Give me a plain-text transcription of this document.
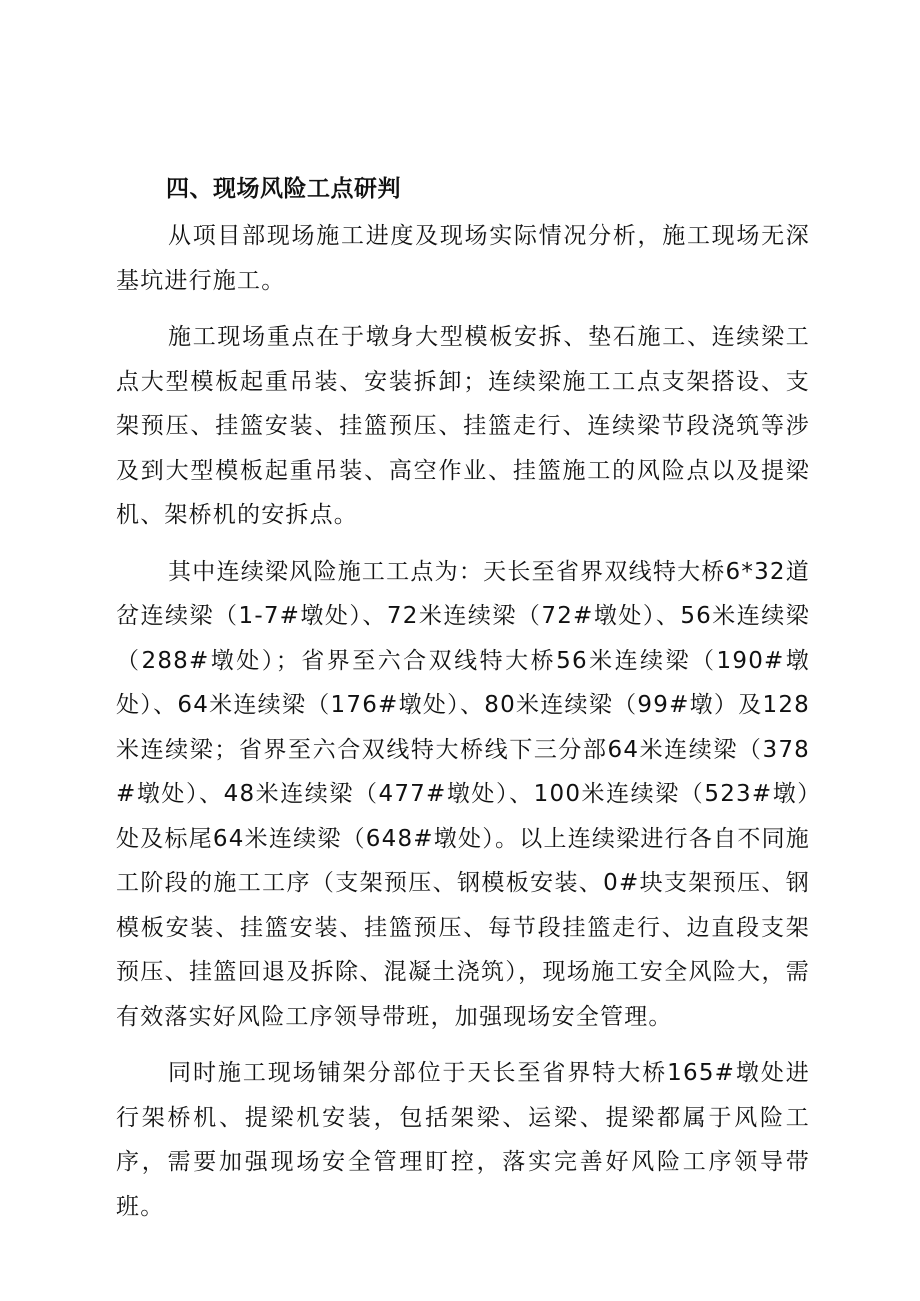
四、现场风险工点研判

从项目部现场施工进度及现场实际情况分析，施工现场无深基坑进行施工。

施工现场重点在于墩身大型模板安拆、垫石施工、连续梁工点大型模板起重吊装、安装拆卸；连续梁施工工点支架搭设、支架预压、挂篮安装、挂篮预压、挂篮走行、连续梁节段浇筑等涉及到大型模板起重吊装、高空作业、挂篮施工的风险点以及提梁机、架桥机的安拆点。

其中连续梁风险施工工点为：天长至省界双线特大桥6*32道岔连续梁（1-7#墩处）、72米连续梁（72#墩处）、56米连续梁（288#墩处）；省界至六合双线特大桥56米连续梁（190#墩处）、64米连续梁（176#墩处）、80米连续梁（99#墩）及128米连续梁；省界至六合双线特大桥线下三分部64米连续梁（378#墩处）、48米连续梁（477#墩处）、100米连续梁（523#墩）处及标尾64米连续梁（648#墩处）。以上连续梁进行各自不同施工阶段的施工工序（支架预压、钢模板安装、0#块支架预压、钢模板安装、挂篮安装、挂篮预压、每节段挂篮走行、边直段支架预压、挂篮回退及拆除、混凝土浇筑），现场施工安全风险大，需有效落实好风险工序领导带班，加强现场安全管理。

同时施工现场铺架分部位于天长至省界特大桥165#墩处进行架桥机、提梁机安装，包括架梁、运梁、提梁都属于风险工序，需要加强现场安全管理盯控，落实完善好风险工序领导带班。
